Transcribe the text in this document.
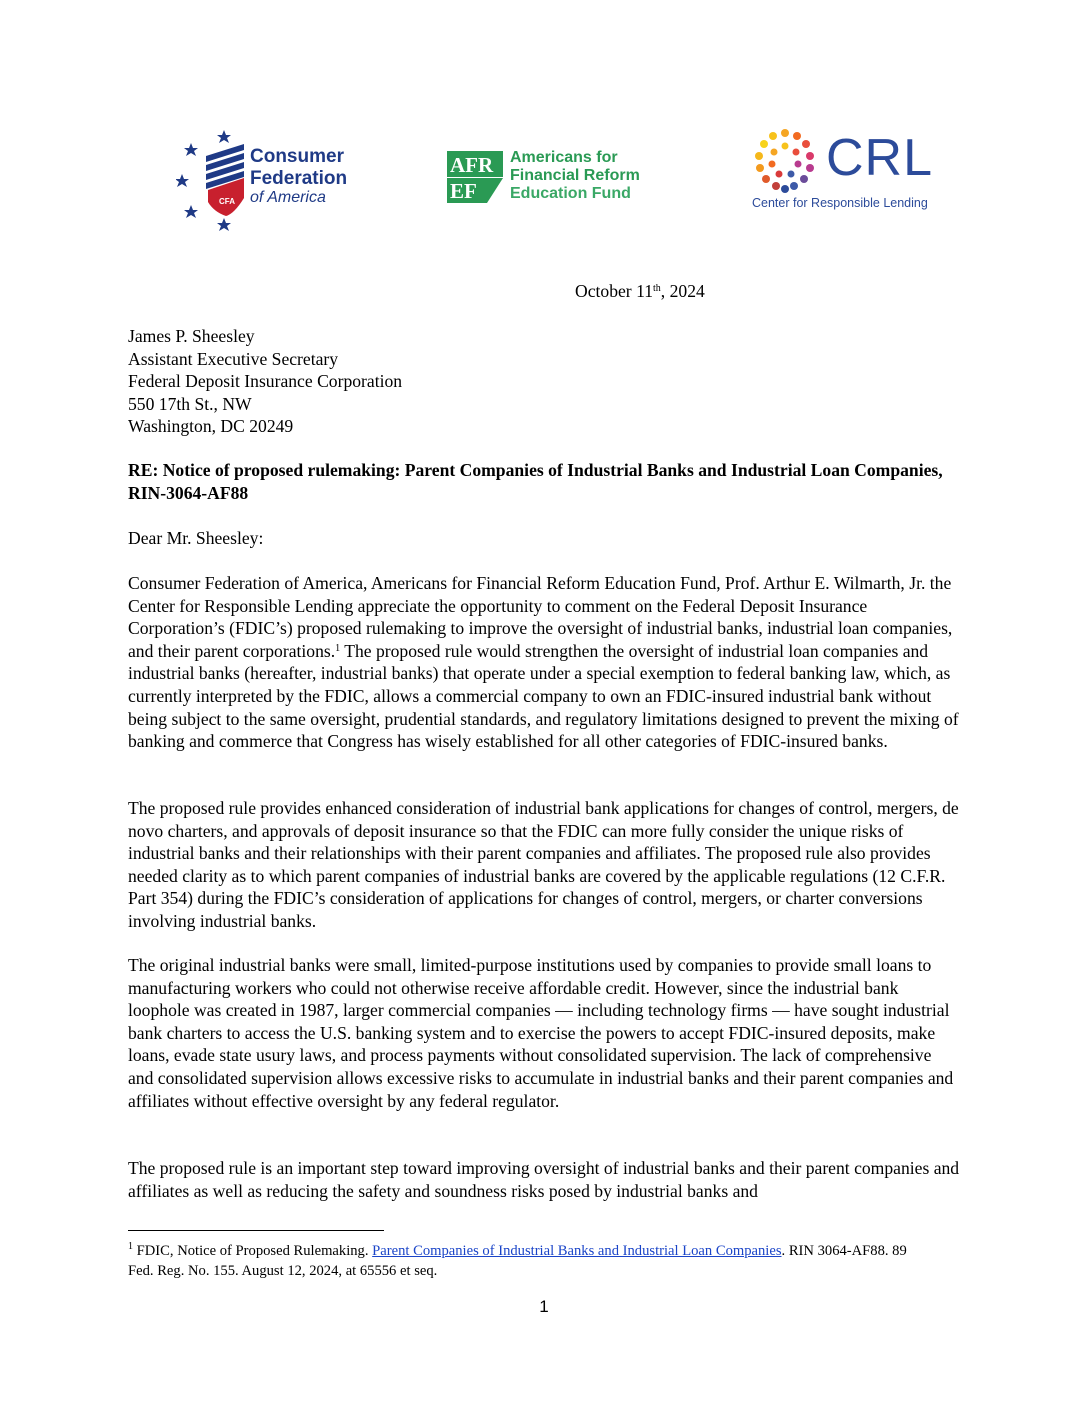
CFA
Consumer
Federation
of America
AFR
EF
Americans for
Financial Reform
Education Fund
CRL
Center for Responsible Lending

October 11th, 2024

James P. Sheesley
Assistant Executive Secretary
Federal Deposit Insurance Corporation
550 17th St., NW
Washington, DC 20249

RE: Notice of proposed rulemaking: Parent Companies of Industrial Banks and Industrial Loan Companies, RIN-3064-AF88

Dear Mr. Sheesley:

Consumer Federation of America, Americans for Financial Reform Education Fund, Prof. Arthur E. Wilmarth, Jr. the Center for Responsible Lending appreciate the opportunity to comment on the Federal Deposit Insurance Corporation’s (FDIC’s) proposed rulemaking to improve the oversight of industrial banks, industrial loan companies, and their parent corporations.$^1$ The proposed rule would strengthen the oversight of industrial loan companies and industrial banks (hereafter, industrial banks) that operate under a special exemption to federal banking law, which, as currently interpreted by the FDIC, allows a commercial company to own an FDIC-insured industrial bank without being subject to the same oversight, prudential standards, and regulatory limitations designed to prevent the mixing of banking and commerce that Congress has wisely established for all other categories of FDIC-insured banks.

The proposed rule provides enhanced consideration of industrial bank applications for changes of control, mergers, de novo charters, and approvals of deposit insurance so that the FDIC can more fully consider the unique risks of industrial banks and their relationships with their parent companies and affiliates. The proposed rule also provides needed clarity as to which parent companies of industrial banks are covered by the applicable regulations (12 C.F.R. Part 354) during the FDIC’s consideration of applications for changes of control, mergers, or charter conversions involving industrial banks.

The original industrial banks were small, limited-purpose institutions used by companies to provide small loans to manufacturing workers who could not otherwise receive affordable credit. However, since the industrial bank loophole was created in 1987, larger commercial companies — including technology firms — have sought industrial bank charters to access the U.S. banking system and to exercise the powers to accept FDIC-insured deposits, make loans, evade state usury laws, and process payments without consolidated supervision. The lack of comprehensive and consolidated supervision allows excessive risks to accumulate in industrial banks and their parent companies and affiliates without effective oversight by any federal regulator.

The proposed rule is an important step toward improving oversight of industrial banks and their parent companies and affiliates as well as reducing the safety and soundness risks posed by industrial banks and

$^1$ FDIC, Notice of Proposed Rulemaking. Parent Companies of Industrial Banks and Industrial Loan Companies. RIN 3064-AF88. 89 Fed. Reg. No. 155. August 12, 2024, at 65556 et seq.
1
